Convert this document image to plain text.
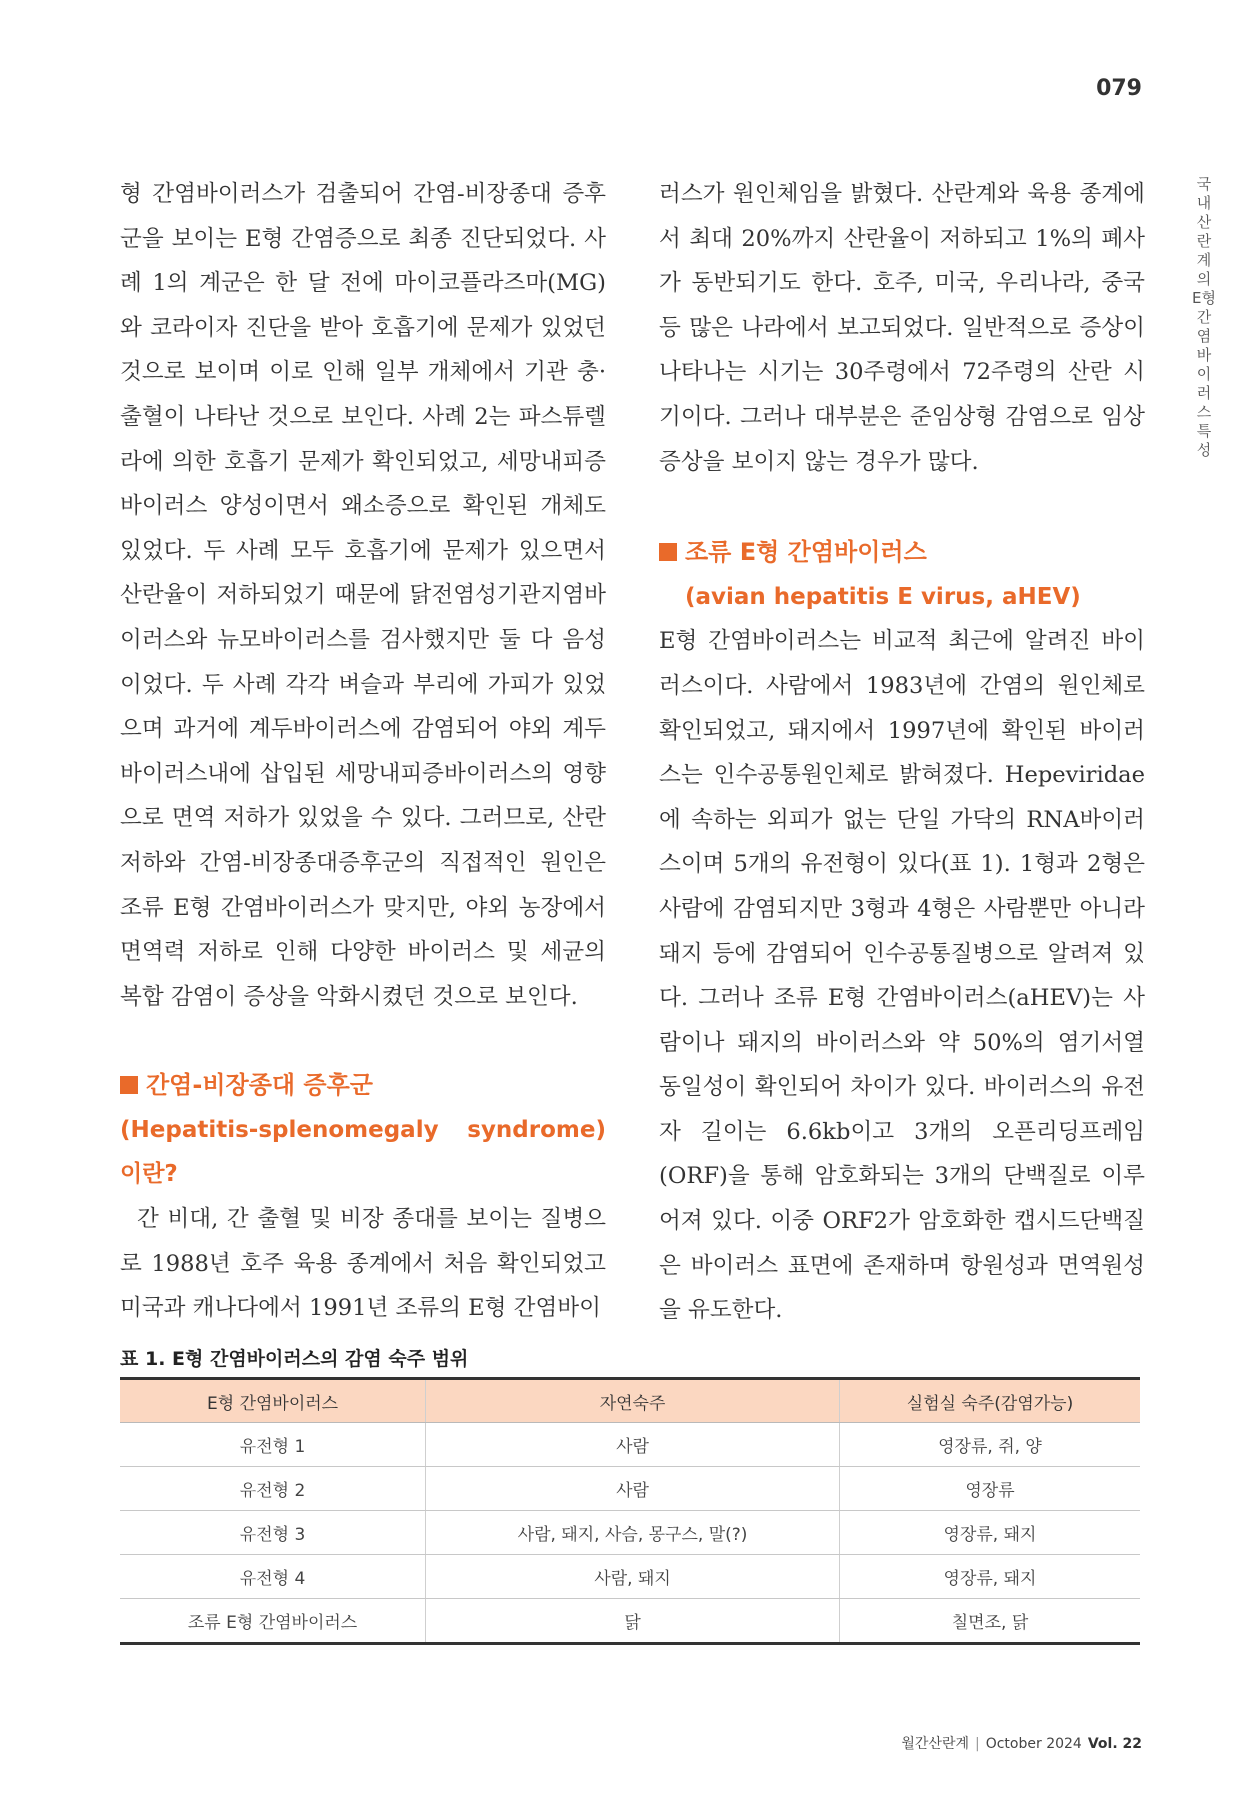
079
국내 산란계의 E형 간염바이러스 특성

형 간염바이러스가 검출되어 간염-비장종대 증후군을 보이는 E형 간염증으로 최종 진단되었다. 사례 1의 계군은 한 달 전에 마이코플라즈마(MG)와 코라이자 진단을 받아 호흡기에 문제가 있었던 것으로 보이며 이로 인해 일부 개체에서 기관 충·출혈이 나타난 것으로 보인다. 사례 2는 파스튜렐라에 의한 호흡기 문제가 확인되었고, 세망내피증바이러스 양성이면서 왜소증으로 확인된 개체도 있었다. 두 사례 모두 호흡기에 문제가 있으면서 산란율이 저하되었기 때문에 닭전염성기관지염바이러스와 뉴모바이러스를 검사했지만 둘 다 음성이었다. 두 사례 각각 벼슬과 부리에 가피가 있었으며 과거에 계두바이러스에 감염되어 야외 계두바이러스내에 삽입된 세망내피증바이러스의 영향으로 면역 저하가 있었을 수 있다. 그러므로, 산란 저하와 간염-비장종대증후군의 직접적인 원인은 조류 E형 간염바이러스가 맞지만, 야외 농장에서 면역력 저하로 인해 다양한 바이러스 및 세균의 복합 감염이 증상을 악화시켰던 것으로 보인다.

간염-비장종대 증후군

(Hepatitis-splenomegaly syndrome)이란?

간 비대, 간 출혈 및 비장 종대를 보이는 질병으로 1988년 호주 육용 종계에서 처음 확인되었고 미국과 캐나다에서 1991년 조류의 E형 간염바이

러스가 원인체임을 밝혔다. 산란계와 육용 종계에서 최대 20%까지 산란율이 저하되고 1%의 폐사가 동반되기도 한다. 호주, 미국, 우리나라, 중국 등 많은 나라에서 보고되었다. 일반적으로 증상이 나타나는 시기는 30주령에서 72주령의 산란 시기이다. 그러나 대부분은 준임상형 감염으로 임상 증상을 보이지 않는 경우가 많다.

조류 E형 간염바이러스

(avian hepatitis E virus, aHEV)

E형 간염바이러스는 비교적 최근에 알려진 바이러스이다. 사람에서 1983년에 간염의 원인체로 확인되었고, 돼지에서 1997년에 확인된 바이러스는 인수공통원인체로 밝혀졌다. Hepeviridae에 속하는 외피가 없는 단일 가닥의 RNA바이러스이며 5개의 유전형이 있다(표 1). 1형과 2형은 사람에 감염되지만 3형과 4형은 사람뿐만 아니라 돼지 등에 감염되어 인수공통질병으로 알려져 있다. 그러나 조류 E형 간염바이러스(aHEV)는 사람이나 돼지의 바이러스와 약 50%의 염기서열 동일성이 확인되어 차이가 있다. 바이러스의 유전자 길이는 6.6kb이고 3개의 오픈리딩프레임(ORF)을 통해 암호화되는 3개의 단백질로 이루어져 있다. 이중 ORF2가 암호화한 캡시드단백질은 바이러스 표면에 존재하며 항원성과 면역원성을 유도한다.

표 1. E형 간염바이러스의 감염 숙주 범위
E형 간염바이러스	자연숙주	실험실 숙주(감염가능)
유전형 1	사람	영장류, 쥐, 양
유전형 2	사람	영장류
유전형 3	사람, 돼지, 사슴, 몽구스, 말(?)	영장류, 돼지
유전형 4	사람, 돼지	영장류, 돼지
조류 E형 간염바이러스	닭	칠면조, 닭
월간산란계 | October 2024 Vol. 22
